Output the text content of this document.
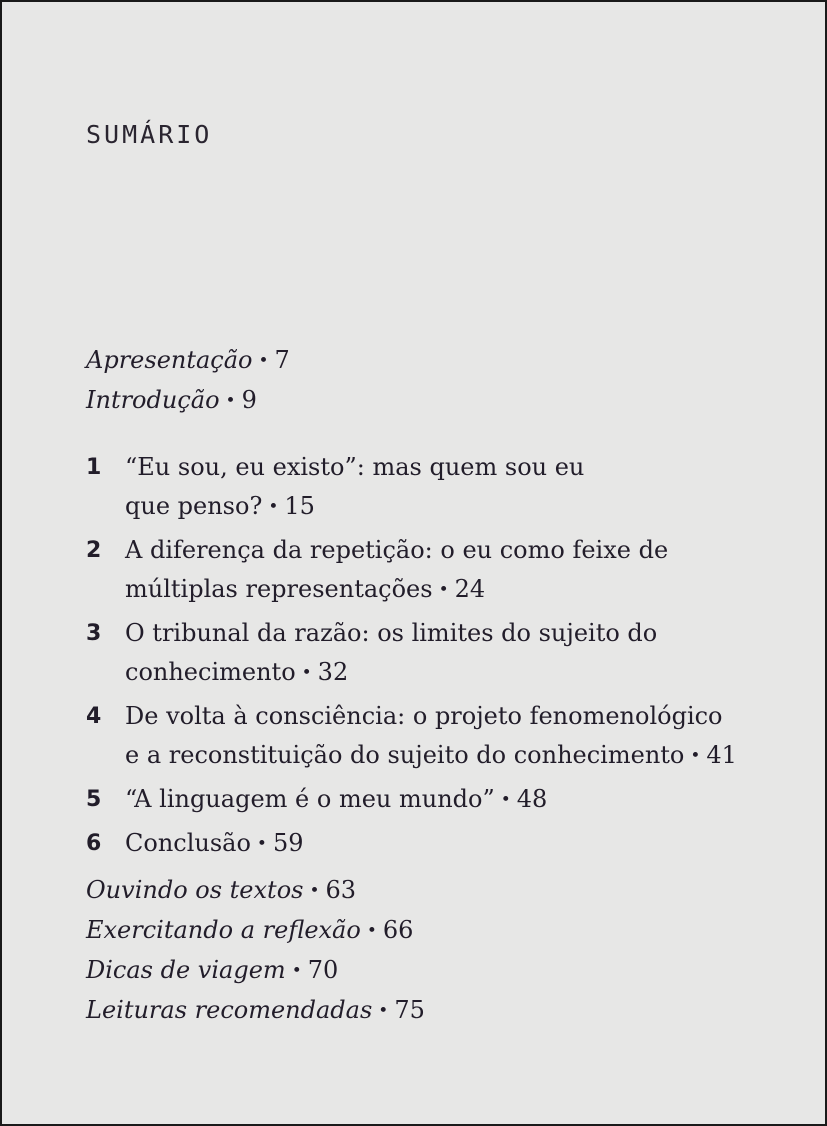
SUMÁRIO
Apresentação • 7
Introdução • 9
1 “Eu sou, eu existo”: mas quem sou eu
que penso? • 15
2 A diferença da repetição: o eu como feixe de
múltiplas representações • 24
3 O tribunal da razão: os limites do sujeito do
conhecimento • 32
4 De volta à consciência: o projeto fenomenológico
e a reconstituição do sujeito do conhecimento • 41
5 “A linguagem é o meu mundo” • 48
6 Conclusão • 59
Ouvindo os textos • 63
Exercitando a reflexão • 66
Dicas de viagem • 70
Leituras recomendadas • 75
